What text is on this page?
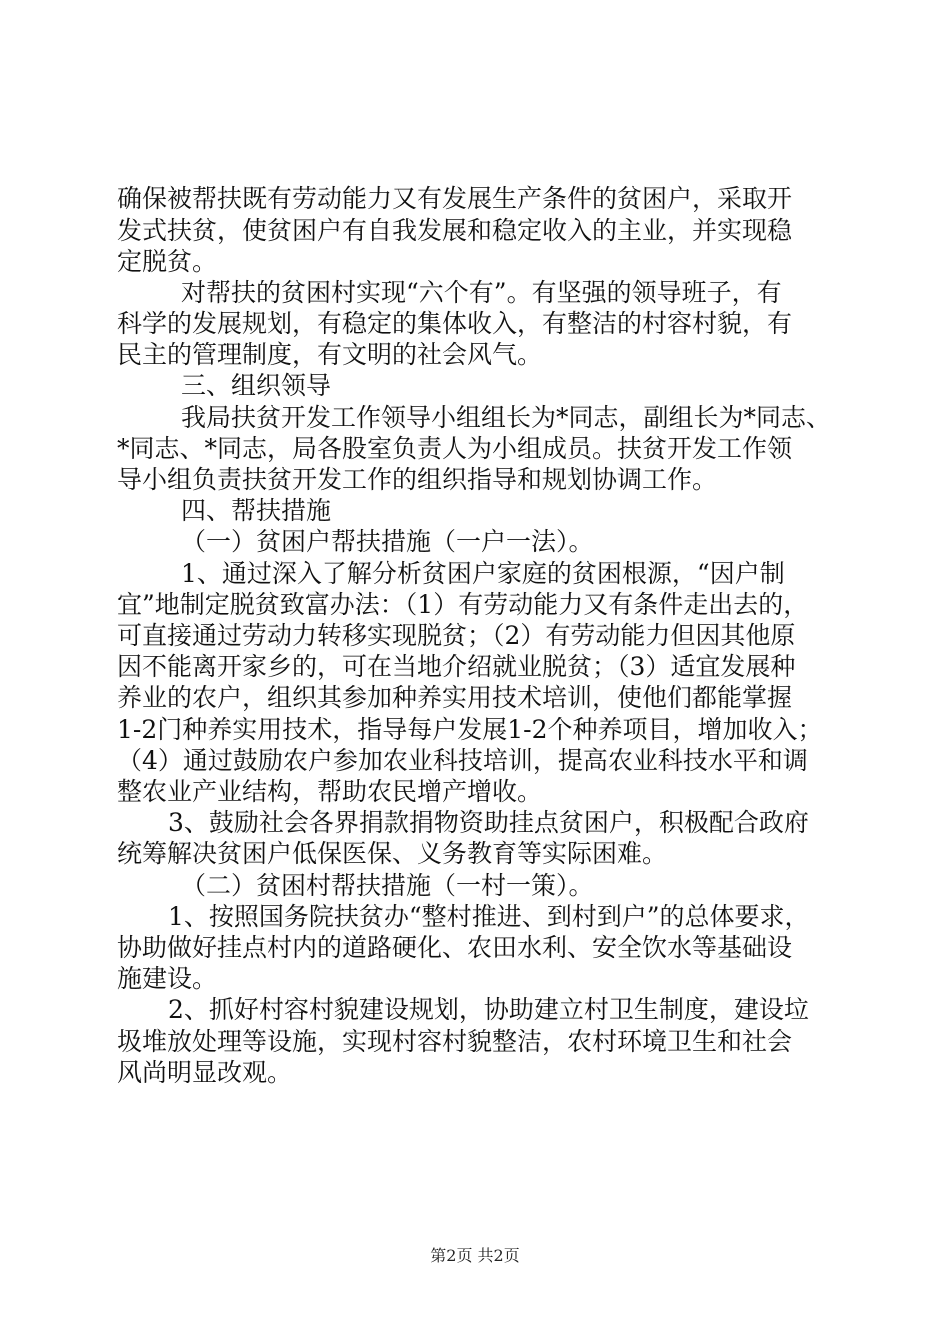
确保被帮扶既有劳动能力又有发展生产条件的贫困户，采取开
发式扶贫，使贫困户有自我发展和稳定收入的主业，并实现稳
定脱贫。
对帮扶的贫困村实现“六个有”。有坚强的领导班子，有
科学的发展规划，有稳定的集体收入，有整洁的村容村貌，有
民主的管理制度，有文明的社会风气。
三、组织领导
我局扶贫开发工作领导小组组长为*同志，副组长为*同志、
*同志、*同志，局各股室负责人为小组成员。扶贫开发工作领
导小组负责扶贫开发工作的组织指导和规划协调工作。
四、帮扶措施
（一）贫困户帮扶措施（一户一法）。
1、通过深入了解分析贫困户家庭的贫困根源，“因户制
宜”地制定脱贫致富办法：（1）有劳动能力又有条件走出去的，
可直接通过劳动力转移实现脱贫；（2）有劳动能力但因其他原
因不能离开家乡的，可在当地介绍就业脱贫；（3）适宜发展种
养业的农户，组织其参加种养实用技术培训，使他们都能掌握
1-2门种养实用技术，指导每户发展1-2个种养项目，增加收入；
（4）通过鼓励农户参加农业科技培训，提高农业科技水平和调
整农业产业结构，帮助农民增产增收。
3、鼓励社会各界捐款捐物资助挂点贫困户，积极配合政府
统筹解决贫困户低保医保、义务教育等实际困难。
（二）贫困村帮扶措施（一村一策）。
1、按照国务院扶贫办“整村推进、到村到户”的总体要求，
协助做好挂点村内的道路硬化、农田水利、安全饮水等基础设
施建设。
2、抓好村容村貌建设规划，协助建立村卫生制度，建设垃
圾堆放处理等设施，实现村容村貌整洁，农村环境卫生和社会
风尚明显改观。
第2页 共2页
